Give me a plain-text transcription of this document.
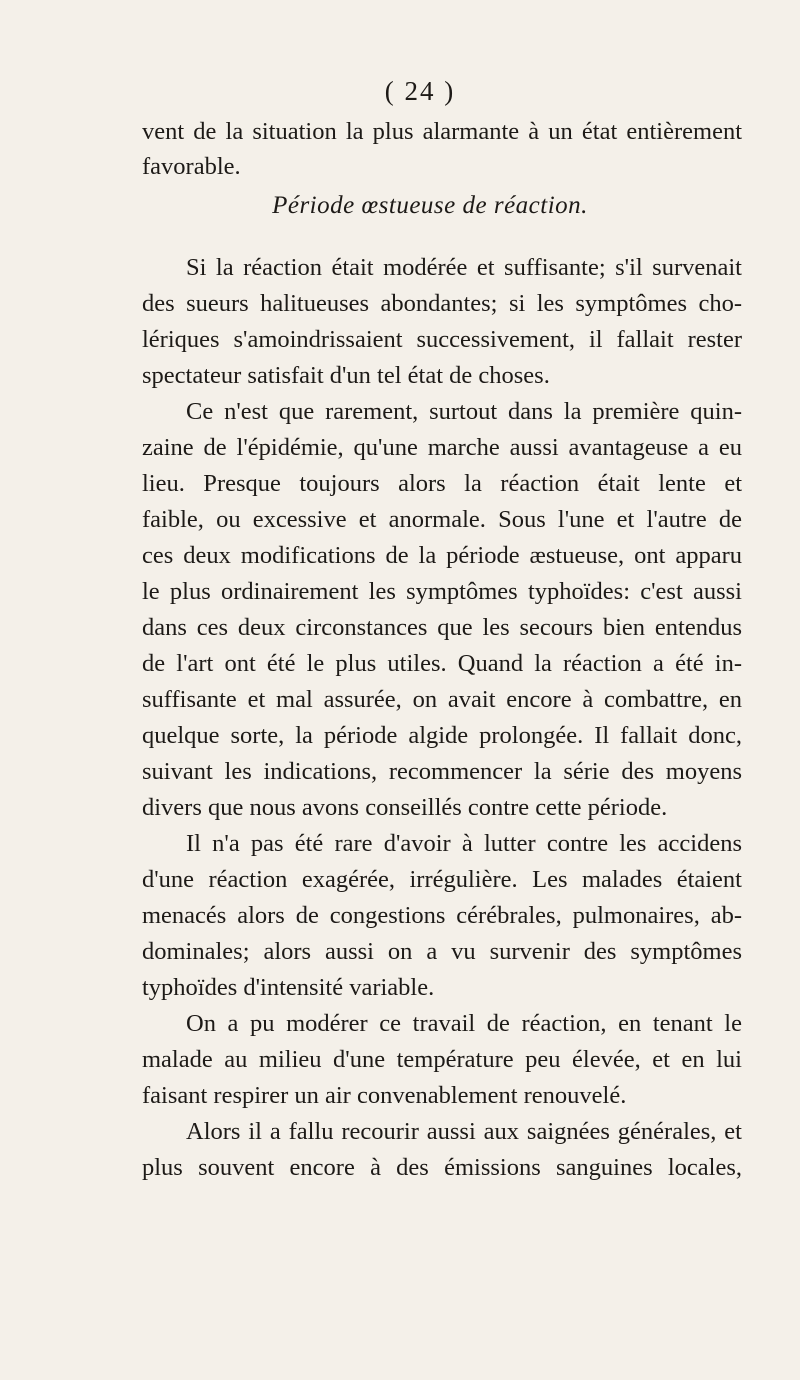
( 24 )
vent de la situation la plus alarmante à un état entièrement
favorable.
Période œstueuse de réaction.
Si la réaction était modérée et suffisante; s'il survenait
des sueurs halitueuses abondantes; si les symptômes cho-
lériques s'amoindrissaient successivement, il fallait rester
spectateur satisfait d'un tel état de choses.
Ce n'est que rarement, surtout dans la première quin-
zaine de l'épidémie, qu'une marche aussi avantageuse a eu
lieu. Presque toujours alors la réaction était lente et
faible, ou excessive et anormale. Sous l'une et l'autre de
ces deux modifications de la période æstueuse, ont apparu
le plus ordinairement les symptômes typhoïdes: c'est aussi
dans ces deux circonstances que les secours bien entendus
de l'art ont été le plus utiles. Quand la réaction a été in-
suffisante et mal assurée, on avait encore à combattre, en
quelque sorte, la période algide prolongée. Il fallait donc,
suivant les indications, recommencer la série des moyens
divers que nous avons conseillés contre cette période.
Il n'a pas été rare d'avoir à lutter contre les accidens
d'une réaction exagérée, irrégulière. Les malades étaient
menacés alors de congestions cérébrales, pulmonaires, ab-
dominales; alors aussi on a vu survenir des symptômes
typhoïdes d'intensité variable.
On a pu modérer ce travail de réaction, en tenant le
malade au milieu d'une température peu élevée, et en lui
faisant respirer un air convenablement renouvelé.
Alors il a fallu recourir aussi aux saignées générales, et
plus souvent encore à des émissions sanguines locales,
